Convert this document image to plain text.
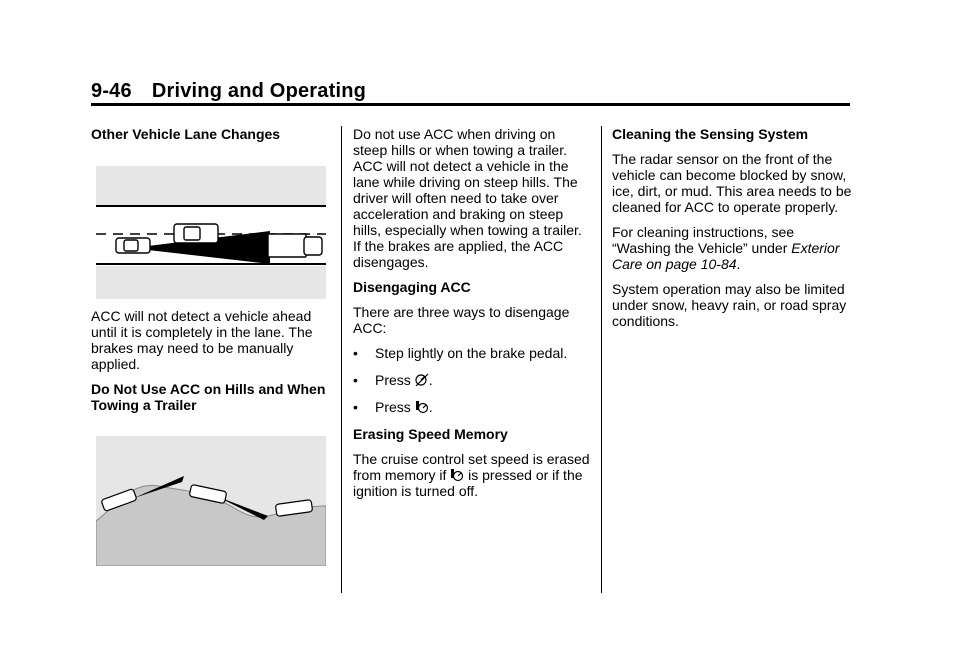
9-46 Driving and Operating

Other Vehicle Lane Changes

ACC will not detect a vehicle ahead until it is completely in the lane. The brakes may need to be manually applied.

Do Not Use ACC on Hills and When Towing a Trailer

Do not use ACC when driving on steep hills or when towing a trailer. ACC will not detect a vehicle in the lane while driving on steep hills. The driver will often need to take over acceleration and braking on steep hills, especially when towing a trailer. If the brakes are applied, the ACC disengages.

Disengaging ACC

There are three ways to disengage ACC:

• Step lightly on the brake pedal.
• Press .
• Press .

Erasing Speed Memory

The cruise control set speed is erased from memory if is pressed or if the ignition is turned off.

Cleaning the Sensing System

The radar sensor on the front of the vehicle can become blocked by snow, ice, dirt, or mud. This area needs to be cleaned for ACC to operate properly.

For cleaning instructions, see “Washing the Vehicle” under Exterior Care on page 10-84.

System operation may also be limited under snow, heavy rain, or road spray conditions.
